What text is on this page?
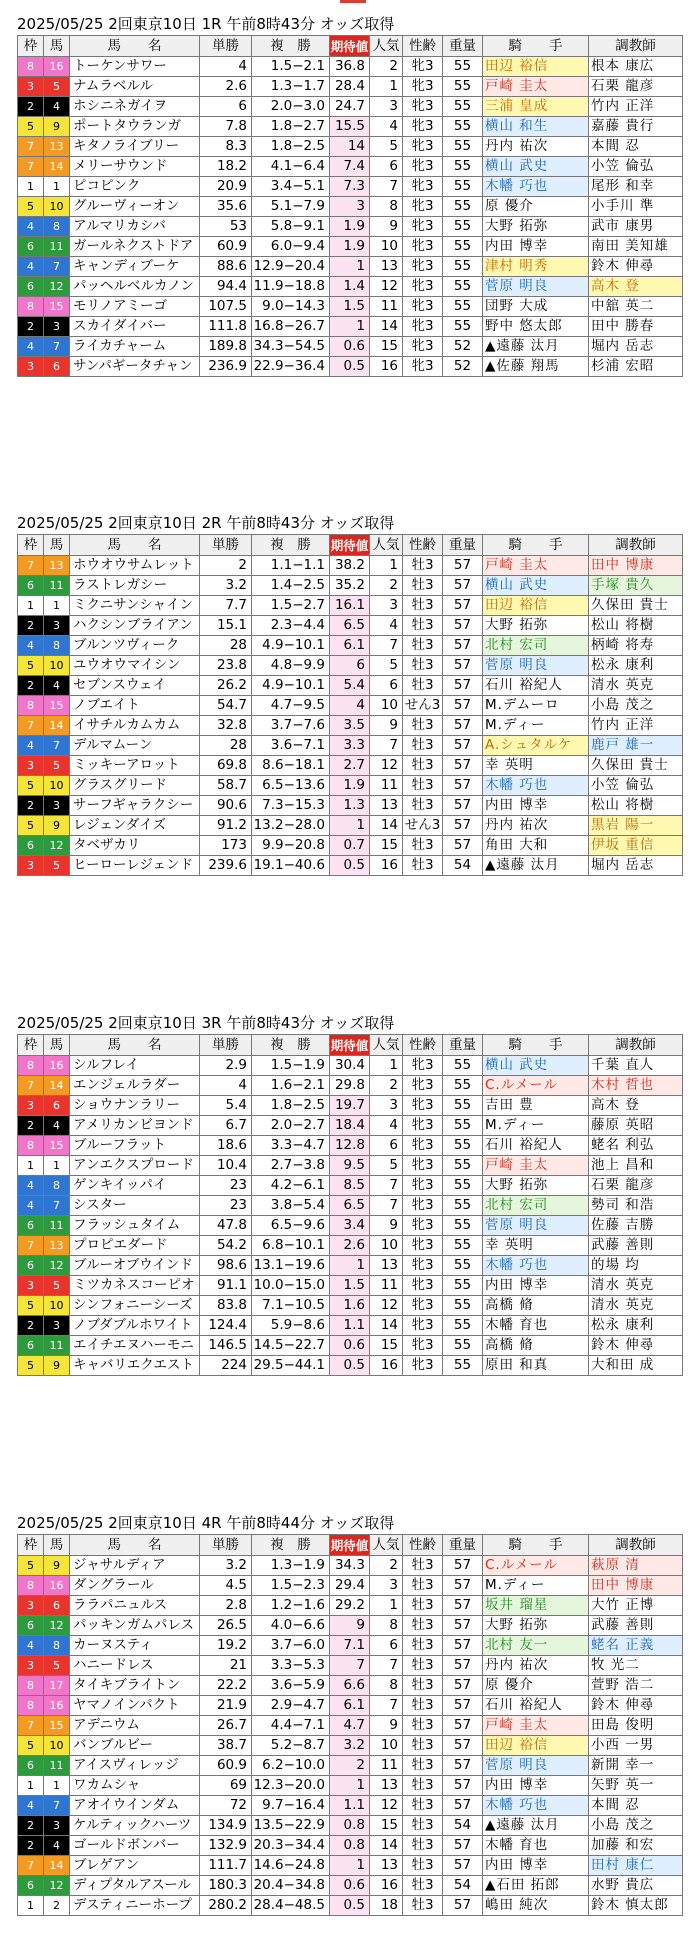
2025/05/25 2回東京10日 1R 午前8時43分 オッズ取得
枠	馬	馬　　名	単勝	複　勝	期待値	人気	性齢	重量	騎　　手	調教師
8	16	トーケンサワー	4	1.5−2.1	36.8	2	牝3	55	田辺 裕信	根本 康広
3	5	ナムラベルル	2.6	1.3−1.7	28.4	1	牝3	55	戸崎 圭太	石栗 龍彦
2	4	ホシニネガイヲ	6	2.0−3.0	24.7	3	牝3	55	三浦 皇成	竹内 正洋
5	9	ポートタウランガ	7.8	1.8−2.7	15.5	4	牝3	55	横山 和生	嘉藤 貴行
7	13	キタノライブリー	8.3	1.8−2.5	14	5	牝3	55	丹内 祐次	本間 忍
7	14	メリーサウンド	18.2	4.1−6.4	7.4	6	牝3	55	横山 武史	小笠 倫弘
1	1	ピコピンク	20.9	3.4−5.1	7.3	7	牝3	55	木幡 巧也	尾形 和幸
5	10	グルーヴィーオン	35.6	5.1−7.9	3	8	牝3	55	原 優介	小手川 準
4	8	アルマリカシバ	53	5.8−9.1	1.9	9	牝3	55	大野 拓弥	武市 康男
6	11	ガールネクストドア	60.9	6.0−9.4	1.9	10	牝3	55	内田 博幸	南田 美知雄
4	7	キャンディブーケ	88.6	12.9−20.4	1	13	牝3	55	津村 明秀	鈴木 伸尋
6	12	パッヘルベルカノン	94.4	11.9−18.8	1.4	12	牝3	55	菅原 明良	高木 登
8	15	モリノアミーゴ	107.5	9.0−14.3	1.5	11	牝3	55	団野 大成	中舘 英二
2	3	スカイダイバー	111.8	16.8−26.7	1	14	牝3	55	野中 悠太郎	田中 勝春
4	7	ライカチャーム	189.8	34.3−54.5	0.6	15	牝3	52	▲遠藤 汰月	堀内 岳志
3	6	サンパギータチャン	236.9	22.9−36.4	0.5	16	牝3	52	▲佐藤 翔馬	杉浦 宏昭
2025/05/25 2回東京10日 2R 午前8時43分 オッズ取得
枠	馬	馬　　名	単勝	複　勝	期待値	人気	性齢	重量	騎　　手	調教師
7	13	ホウオウサムレット	2	1.1−1.1	38.2	1	牡3	57	戸崎 圭太	田中 博康
6	11	ラストレガシー	3.2	1.4−2.5	35.2	2	牡3	57	横山 武史	手塚 貴久
1	1	ミクニサンシャイン	7.7	1.5−2.7	16.1	3	牡3	57	田辺 裕信	久保田 貴士
2	3	ハクシンブライアン	15.1	2.3−4.4	6.5	4	牡3	57	大野 拓弥	松山 将樹
4	8	ブルンツヴィーク	28	4.9−10.1	6.1	7	牡3	57	北村 宏司	柄崎 将寿
5	10	ユウオウマイシン	23.8	4.8−9.9	6	5	牡3	57	菅原 明良	松永 康利
2	4	セブンスウェイ	26.2	4.9−10.1	5.4	6	牡3	57	石川 裕紀人	清水 英克
8	15	ノブエイト	54.7	4.7−9.5	4	10	せん3	57	M.デムーロ	小島 茂之
7	14	イサチルカムカム	32.8	3.7−7.6	3.5	9	牡3	57	M.ディー	竹内 正洋
4	7	デルマムーン	28	3.6−7.1	3.3	7	牡3	57	A.シュタルケ	鹿戸 雄一
3	5	ミッキーアロット	69.8	8.6−18.1	2.7	12	牡3	57	幸 英明	久保田 貴士
5	10	グラスグリード	58.7	6.5−13.6	1.9	11	牡3	57	木幡 巧也	小笠 倫弘
2	3	サーフギャラクシー	90.6	7.3−15.3	1.3	13	牡3	57	内田 博幸	松山 将樹
5	9	レジェンダイズ	91.2	13.2−28.0	1	14	せん3	57	丹内 祐次	黒岩 陽一
6	12	タベザカリ	173	9.9−20.8	0.7	15	牡3	57	角田 大和	伊坂 重信
3	5	ヒーローレジェンド	239.6	19.1−40.6	0.5	16	牡3	54	▲遠藤 汰月	堀内 岳志
2025/05/25 2回東京10日 3R 午前8時43分 オッズ取得
枠	馬	馬　　名	単勝	複　勝	期待値	人気	性齢	重量	騎　　手	調教師
8	16	シルフレイ	2.9	1.5−1.9	30.4	1	牝3	55	横山 武史	千葉 直人
7	14	エンジェルラダー	4	1.6−2.1	29.8	2	牝3	55	C.ルメール	木村 哲也
3	6	ショウナンラリー	5.4	1.8−2.5	19.7	3	牝3	55	吉田 豊	高木 登
2	4	アメリカンビヨンド	6.7	2.0−2.7	18.4	4	牝3	55	M.ディー	藤原 英昭
8	15	ブルーフラット	18.6	3.3−4.7	12.8	6	牝3	55	石川 裕紀人	蛯名 利弘
1	1	アンエクスプロード	10.4	2.7−3.8	9.5	5	牝3	55	戸崎 圭太	池上 昌和
4	8	ゲンキイッパイ	23	4.2−6.1	8.5	7	牝3	55	大野 拓弥	石栗 龍彦
4	7	シスター	23	3.8−5.4	6.5	7	牝3	55	北村 宏司	勢司 和浩
6	11	フラッシュタイム	47.8	6.5−9.6	3.4	9	牝3	55	菅原 明良	佐藤 吉勝
7	13	プロピエダード	54.2	6.8−10.1	2.6	10	牝3	55	幸 英明	武藤 善則
6	12	ブルーオブウインド	98.6	13.1−19.6	1	13	牝3	55	木幡 巧也	的場 均
3	5	ミツカネスコーピオ	91.1	10.0−15.0	1.5	11	牝3	55	内田 博幸	清水 英克
5	10	シンフォニーシーズ	83.8	7.1−10.5	1.6	12	牝3	55	高橋 脩	清水 英克
2	3	ノブダブルホワイト	124.4	5.9−8.6	1.1	14	牝3	55	木幡 育也	松永 康利
6	11	エイチエヌハーモニ	146.5	14.5−22.7	0.6	15	牝3	55	高橋 脩	鈴木 伸尋
5	9	キャバリエクエスト	224	29.5−44.1	0.5	16	牝3	55	原田 和真	大和田 成
2025/05/25 2回東京10日 4R 午前8時44分 オッズ取得
枠	馬	馬　　名	単勝	複　勝	期待値	人気	性齢	重量	騎　　手	調教師
5	9	ジャサルディア	3.2	1.3−1.9	34.3	2	牡3	57	C.ルメール	萩原 清
8	16	ダングラール	4.5	1.5−2.3	29.4	3	牡3	57	M.ディー	田中 博康
3	6	ララパニュルス	2.8	1.2−1.6	29.2	1	牡3	57	坂井 瑠星	大竹 正博
6	12	パッキンガムパレス	26.5	4.0−6.6	9	8	牡3	57	大野 拓弥	武藤 善則
4	8	カーヌスティ	19.2	3.7−6.0	7.1	6	牡3	57	北村 友一	蛯名 正義
3	5	ハニードレス	21	3.3−5.3	7	7	牡3	57	丹内 祐次	牧 光二
8	17	タイキブライトン	22.2	3.6−5.9	6.6	8	牡3	57	原 優介	萱野 浩二
8	16	ヤマノインパクト	21.9	2.9−4.7	6.1	7	牡3	57	石川 裕紀人	鈴木 伸尋
7	15	アデニウム	26.7	4.4−7.1	4.7	9	牡3	57	戸崎 圭太	田島 俊明
5	10	バンブルビー	38.7	5.2−8.7	3.2	10	牡3	57	田辺 裕信	小西 一男
6	11	アイスヴィレッジ	60.9	6.2−10.0	2	11	牡3	57	菅原 明良	新開 幸一
1	1	ワカムシャ	69	12.3−20.0	1	13	牡3	57	内田 博幸	矢野 英一
4	7	アオイウインダム	72	9.7−16.4	1.1	12	牡3	57	木幡 巧也	本間 忍
2	3	ケルティックハーツ	134.9	13.5−22.9	0.8	15	牡3	54	▲遠藤 汰月	小島 茂之
2	4	ゴールドボンバー	132.9	20.3−34.4	0.8	14	牡3	57	木幡 育也	加藤 和宏
7	14	ブレゲアン	111.7	14.6−24.8	1	13	牡3	57	内田 博幸	田村 康仁
6	12	ディプタルアスール	180.3	20.4−34.8	0.6	16	牡3	54	▲石田 拓郎	水野 貴広
1	2	デスティニーホープ	280.2	28.4−48.5	0.5	18	牡3	57	嶋田 純次	鈴木 慎太郎
